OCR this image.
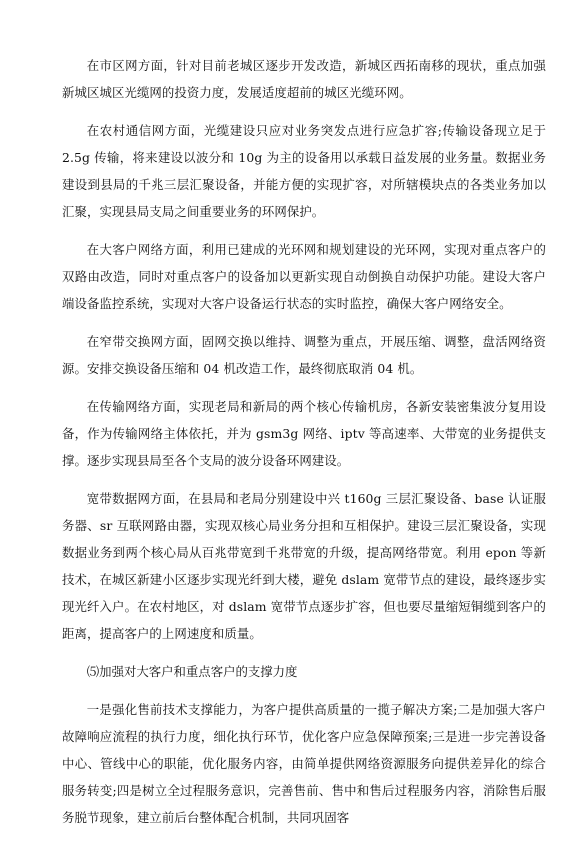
在市区网方面，针对目前老城区逐步开发改造，新城区西拓南移的现状，重点加强新城区城区光缆网的投资力度，发展适度超前的城区光缆环网。

在农村通信网方面，光缆建设只应对业务突发点进行应急扩容;传输设备现立足于 2.5g 传输，将来建设以波分和 10g 为主的设备用以承载日益发展的业务量。数据业务建设到县局的千兆三层汇聚设备，并能方便的实现扩容，对所辖模块点的各类业务加以汇聚，实现县局支局之间重要业务的环网保护。

在大客户网络方面，利用已建成的光环网和规划建设的光环网，实现对重点客户的双路由改造，同时对重点客户的设备加以更新实现自动倒换自动保护功能。建设大客户端设备监控系统，实现对大客户设备运行状态的实时监控，确保大客户网络安全。

在窄带交换网方面，固网交换以维持、调整为重点，开展压缩、调整，盘活网络资源。安排交换设备压缩和 04 机改造工作，最终彻底取消 04 机。

在传输网络方面，实现老局和新局的两个核心传输机房，各新安装密集波分复用设备，作为传输网络主体依托，并为 gsm3g 网络、iptv 等高速率、大带宽的业务提供支撑。逐步实现县局至各个支局的波分设备环网建设。

宽带数据网方面，在县局和老局分别建设中兴 t160g 三层汇聚设备、base 认证服务器、sr 互联网路由器，实现双核心局业务分担和互相保护。建设三层汇聚设备，实现数据业务到两个核心局从百兆带宽到千兆带宽的升级，提高网络带宽。利用 epon 等新技术，在城区新建小区逐步实现光纤到大楼，避免 dslam 宽带节点的建设，最终逐步实现光纤入户。在农村地区，对 dslam 宽带节点逐步扩容，但也要尽量缩短铜缆到客户的距离，提高客户的上网速度和质量。

⑸加强对大客户和重点客户的支撑力度

一是强化售前技术支撑能力，为客户提供高质量的一揽子解决方案;二是加强大客户故障响应流程的执行力度，细化执行环节，优化客户应急保障预案;三是进一步完善设备中心、管线中心的职能，优化服务内容，由简单提供网络资源服务向提供差异化的综合服务转变;四是树立全过程服务意识，完善售前、售中和售后过程服务内容，消除售后服务脱节现象，建立前后台整体配合机制，共同巩固客
